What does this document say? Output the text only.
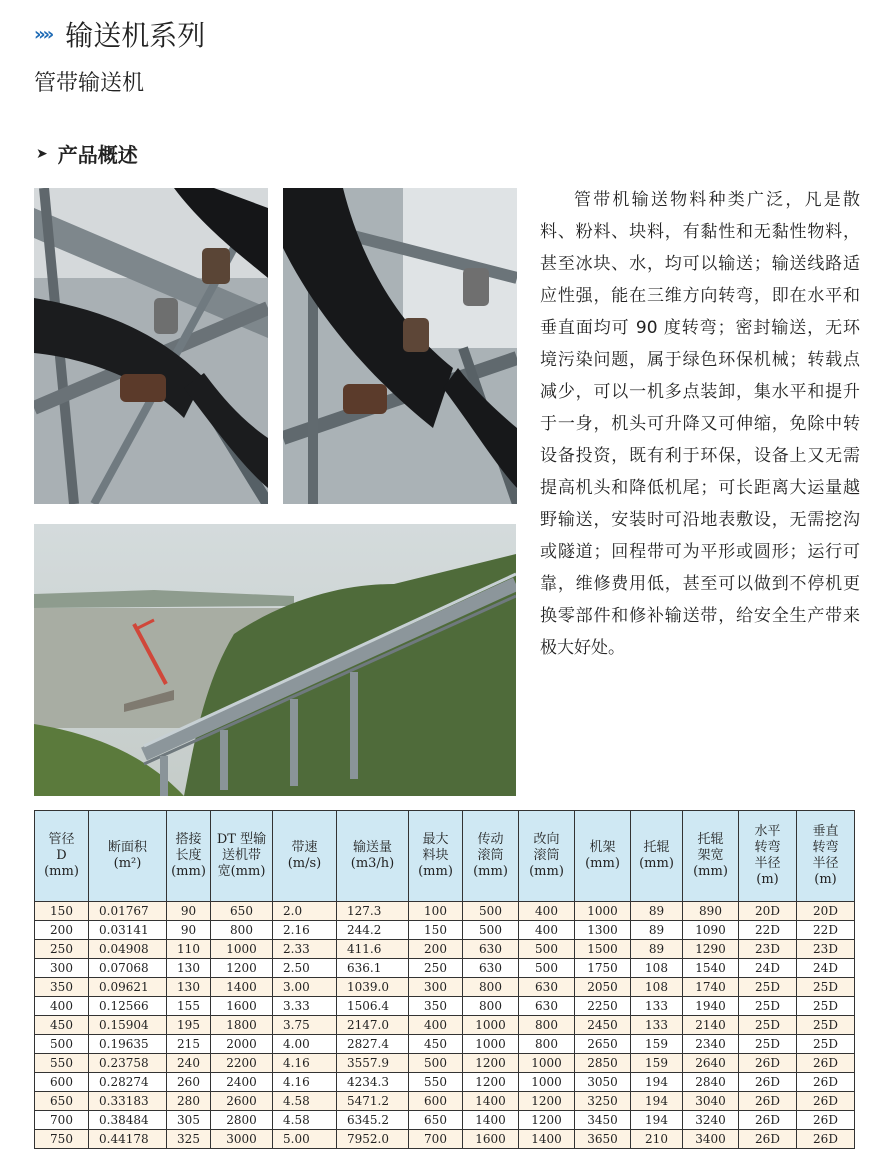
»» 输送机系列
管带输送机
➤ 产品概述

管带机输送物料种类广泛，凡是散料、粉料、块料，有黏性和无黏性物料，甚至冰块、水，均可以输送；输送线路适应性强，能在三维方向转弯，即在水平和垂直面均可 90 度转弯；密封输送，无环境污染问题，属于绿色环保机械；转载点减少，可以一机多点装卸，集水平和提升于一身，机头可升降又可伸缩，免除中转设备投资，既有利于环保，设备上又无需提高机头和降低机尾；可长距离大运量越野输送，安装时可沿地表敷设，无需挖沟或隧道；回程带可为平形或圆形；运行可靠，维修费用低，甚至可以做到不停机更换零部件和修补输送带，给安全生产带来极大好处。

管径
D
(mm)	断面积
(m²)	搭接
长度
(mm)	DT 型输
送机带
宽(mm)	带速
(m/s)	输送量
(m3/h)	最大
料块
(mm)	传动
滚筒
(mm)	改向
滚筒
(mm)	机架
(mm)	托辊
(mm)	托辊
架宽
(mm)	水平
转弯
半径
(m)	垂直
转弯
半径
(m)
150	0.01767	90	650	2.0	127.3	100	500	400	1000	89	890	20D	20D
200	0.03141	90	800	2.16	244.2	150	500	400	1300	89	1090	22D	22D
250	0.04908	110	1000	2.33	411.6	200	630	500	1500	89	1290	23D	23D
300	0.07068	130	1200	2.50	636.1	250	630	500	1750	108	1540	24D	24D
350	0.09621	130	1400	3.00	1039.0	300	800	630	2050	108	1740	25D	25D
400	0.12566	155	1600	3.33	1506.4	350	800	630	2250	133	1940	25D	25D
450	0.15904	195	1800	3.75	2147.0	400	1000	800	2450	133	2140	25D	25D
500	0.19635	215	2000	4.00	2827.4	450	1000	800	2650	159	2340	25D	25D
550	0.23758	240	2200	4.16	3557.9	500	1200	1000	2850	159	2640	26D	26D
600	0.28274	260	2400	4.16	4234.3	550	1200	1000	3050	194	2840	26D	26D
650	0.33183	280	2600	4.58	5471.2	600	1400	1200	3250	194	3040	26D	26D
700	0.38484	305	2800	4.58	6345.2	650	1400	1200	3450	194	3240	26D	26D
750	0.44178	325	3000	5.00	7952.0	700	1600	1400	3650	210	3400	26D	26D
